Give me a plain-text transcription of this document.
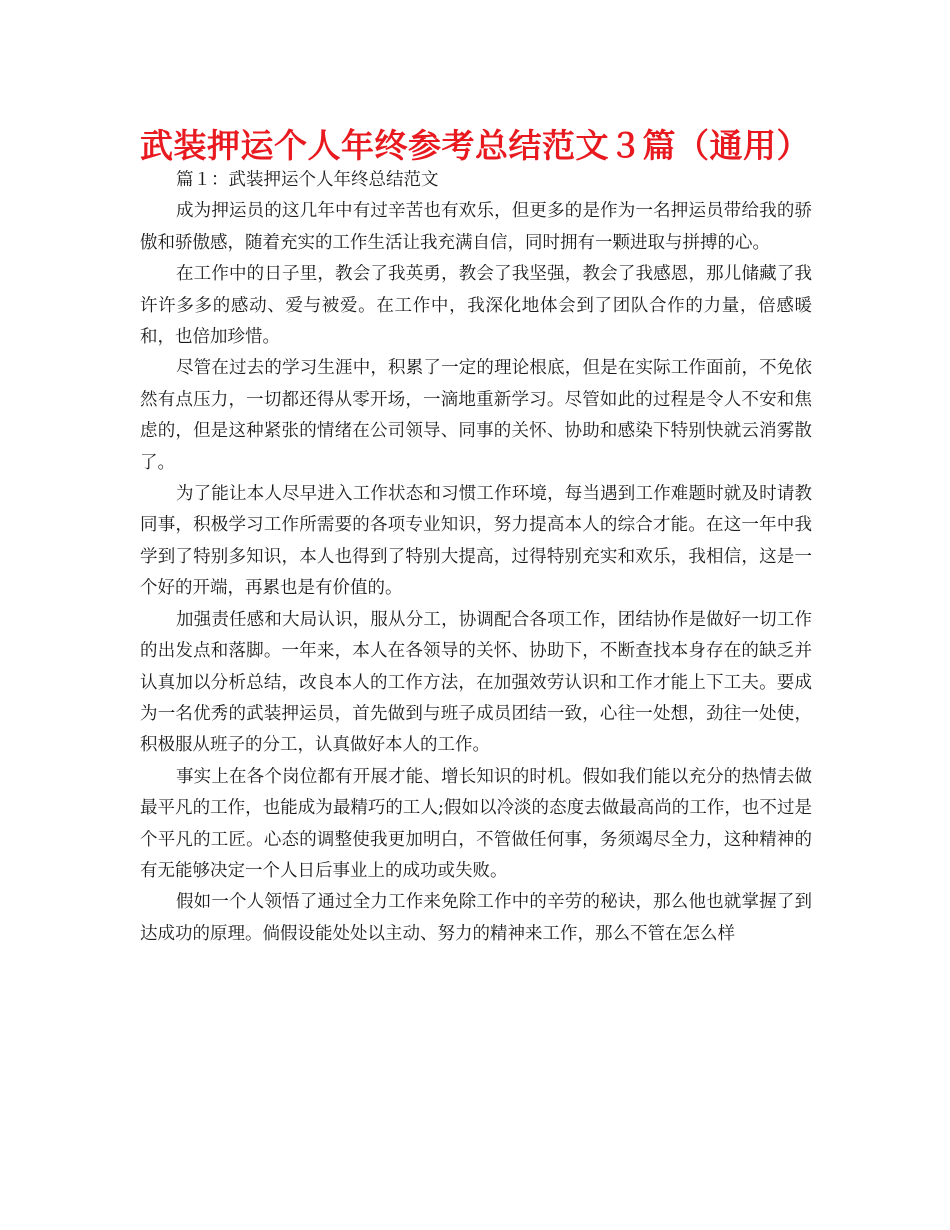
武装押运个人年终参考总结范文３篇（通用）
篇１：武装押运个人年终总结范文

成为押运员的这几年中有过辛苦也有欢乐，但更多的是作为一名押运员带给我的骄傲和骄傲感，随着充实的工作生活让我充满自信，同时拥有一颗进取与拼搏的心。

在工作中的日子里，教会了我英勇，教会了我坚强，教会了我感恩，那儿储藏了我许许多多的感动、爱与被爱。在工作中，我深化地体会到了团队合作的力量，倍感暖和，也倍加珍惜。

尽管在过去的学习生涯中，积累了一定的理论根底，但是在实际工作面前，不免依然有点压力，一切都还得从零开场，一滴地重新学习。尽管如此的过程是令人不安和焦虑的，但是这种紧张的情绪在公司领导、同事的关怀、协助和感染下特别快就云消雾散了。

为了能让本人尽早进入工作状态和习惯工作环境，每当遇到工作难题时就及时请教同事，积极学习工作所需要的各项专业知识，努力提高本人的综合才能。在这一年中我学到了特别多知识，本人也得到了特别大提高，过得特别充实和欢乐，我相信，这是一个好的开端，再累也是有价值的。

加强责任感和大局认识，服从分工，协调配合各项工作，团结协作是做好一切工作的出发点和落脚。一年来，本人在各领导的关怀、协助下，不断查找本身存在的缺乏并认真加以分析总结，改良本人的工作方法，在加强效劳认识和工作才能上下工夫。要成为一名优秀的武装押运员，首先做到与班子成员团结一致，心往一处想，劲往一处使，积极服从班子的分工，认真做好本人的工作。

事实上在各个岗位都有开展才能、增长知识的时机。假如我们能以充分的热情去做最平凡的工作，也能成为最精巧的工人;假如以冷淡的态度去做最高尚的工作，也不过是个平凡的工匠。心态的调整使我更加明白，不管做任何事，务须竭尽全力，这种精神的有无能够决定一个人日后事业上的成功或失败。

假如一个人领悟了通过全力工作来免除工作中的辛劳的秘诀，那么他也就掌握了到达成功的原理。倘假设能处处以主动、努力的精神来工作，那么不管在怎么样
